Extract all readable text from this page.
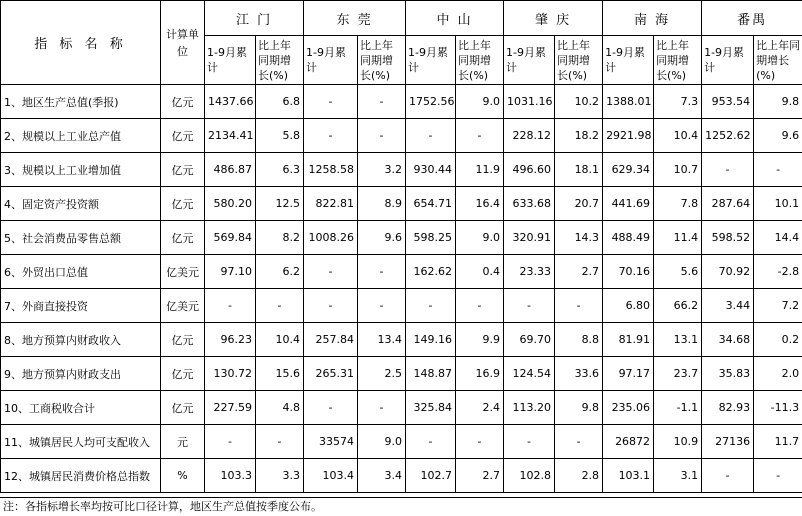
指 标 名 称	计算单位	江 门		东 莞		中 山		肇 庆		南 海		番禺	
		1-9月累计	比上年同期增长(%)	1-9月累计	比上年同期增长(%)	1-9月累计	比上年同期增长(%)	1-9月累计	比上年同期增长(%)	1-9月累计	比上年同期增长(%)	1-9月累计	比上年同期增长(%)
1、地区生产总值(季报)	亿元	1437.66	6.8	-	-	1752.56	9.0	1031.16	10.2	1388.01	7.3	953.54	9.8
2、规模以上工业总产值	亿元	2134.41	5.8	-	-	-	-	228.12	18.2	2921.98	10.4	1252.62	9.6
3、规模以上工业增加值	亿元	486.87	6.3	1258.58	3.2	930.44	11.9	496.60	18.1	629.34	10.7	-	-
4、固定资产投资额	亿元	580.20	12.5	822.81	8.9	654.71	16.4	633.68	20.7	441.69	7.8	287.64	10.1
5、社会消费品零售总额	亿元	569.84	8.2	1008.26	9.6	598.25	9.0	320.91	14.3	488.49	11.4	598.52	14.4
6、外贸出口总值	亿美元	97.10	6.2	-	-	162.62	0.4	23.33	2.7	70.16	5.6	70.92	-2.8
7、外商直接投资	亿美元	-	-	-	-	-	-	-	-	6.80	66.2	3.44	7.2
8、地方预算内财政收入	亿元	96.23	10.4	257.84	13.4	149.16	9.9	69.70	8.8	81.91	13.1	34.68	0.2
9、地方预算内财政支出	亿元	130.72	15.6	265.31	2.5	148.87	16.9	124.54	33.6	97.17	23.7	35.83	2.0
10、工商税收合计	亿元	227.59	4.8	-	-	325.84	2.4	113.20	9.8	235.06	-1.1	82.93	-11.3
11、城镇居民人均可支配收入	元	-	-	33574	9.0	-	-	-	-	26872	10.9	27136	11.7
12、城镇居民消费价格总指数	%	103.3	3.3	103.4	3.4	102.7	2.7	102.8	2.8	103.1	3.1	-	-
注：各指标增长率均按可比口径计算，地区生产总值按季度公布。
